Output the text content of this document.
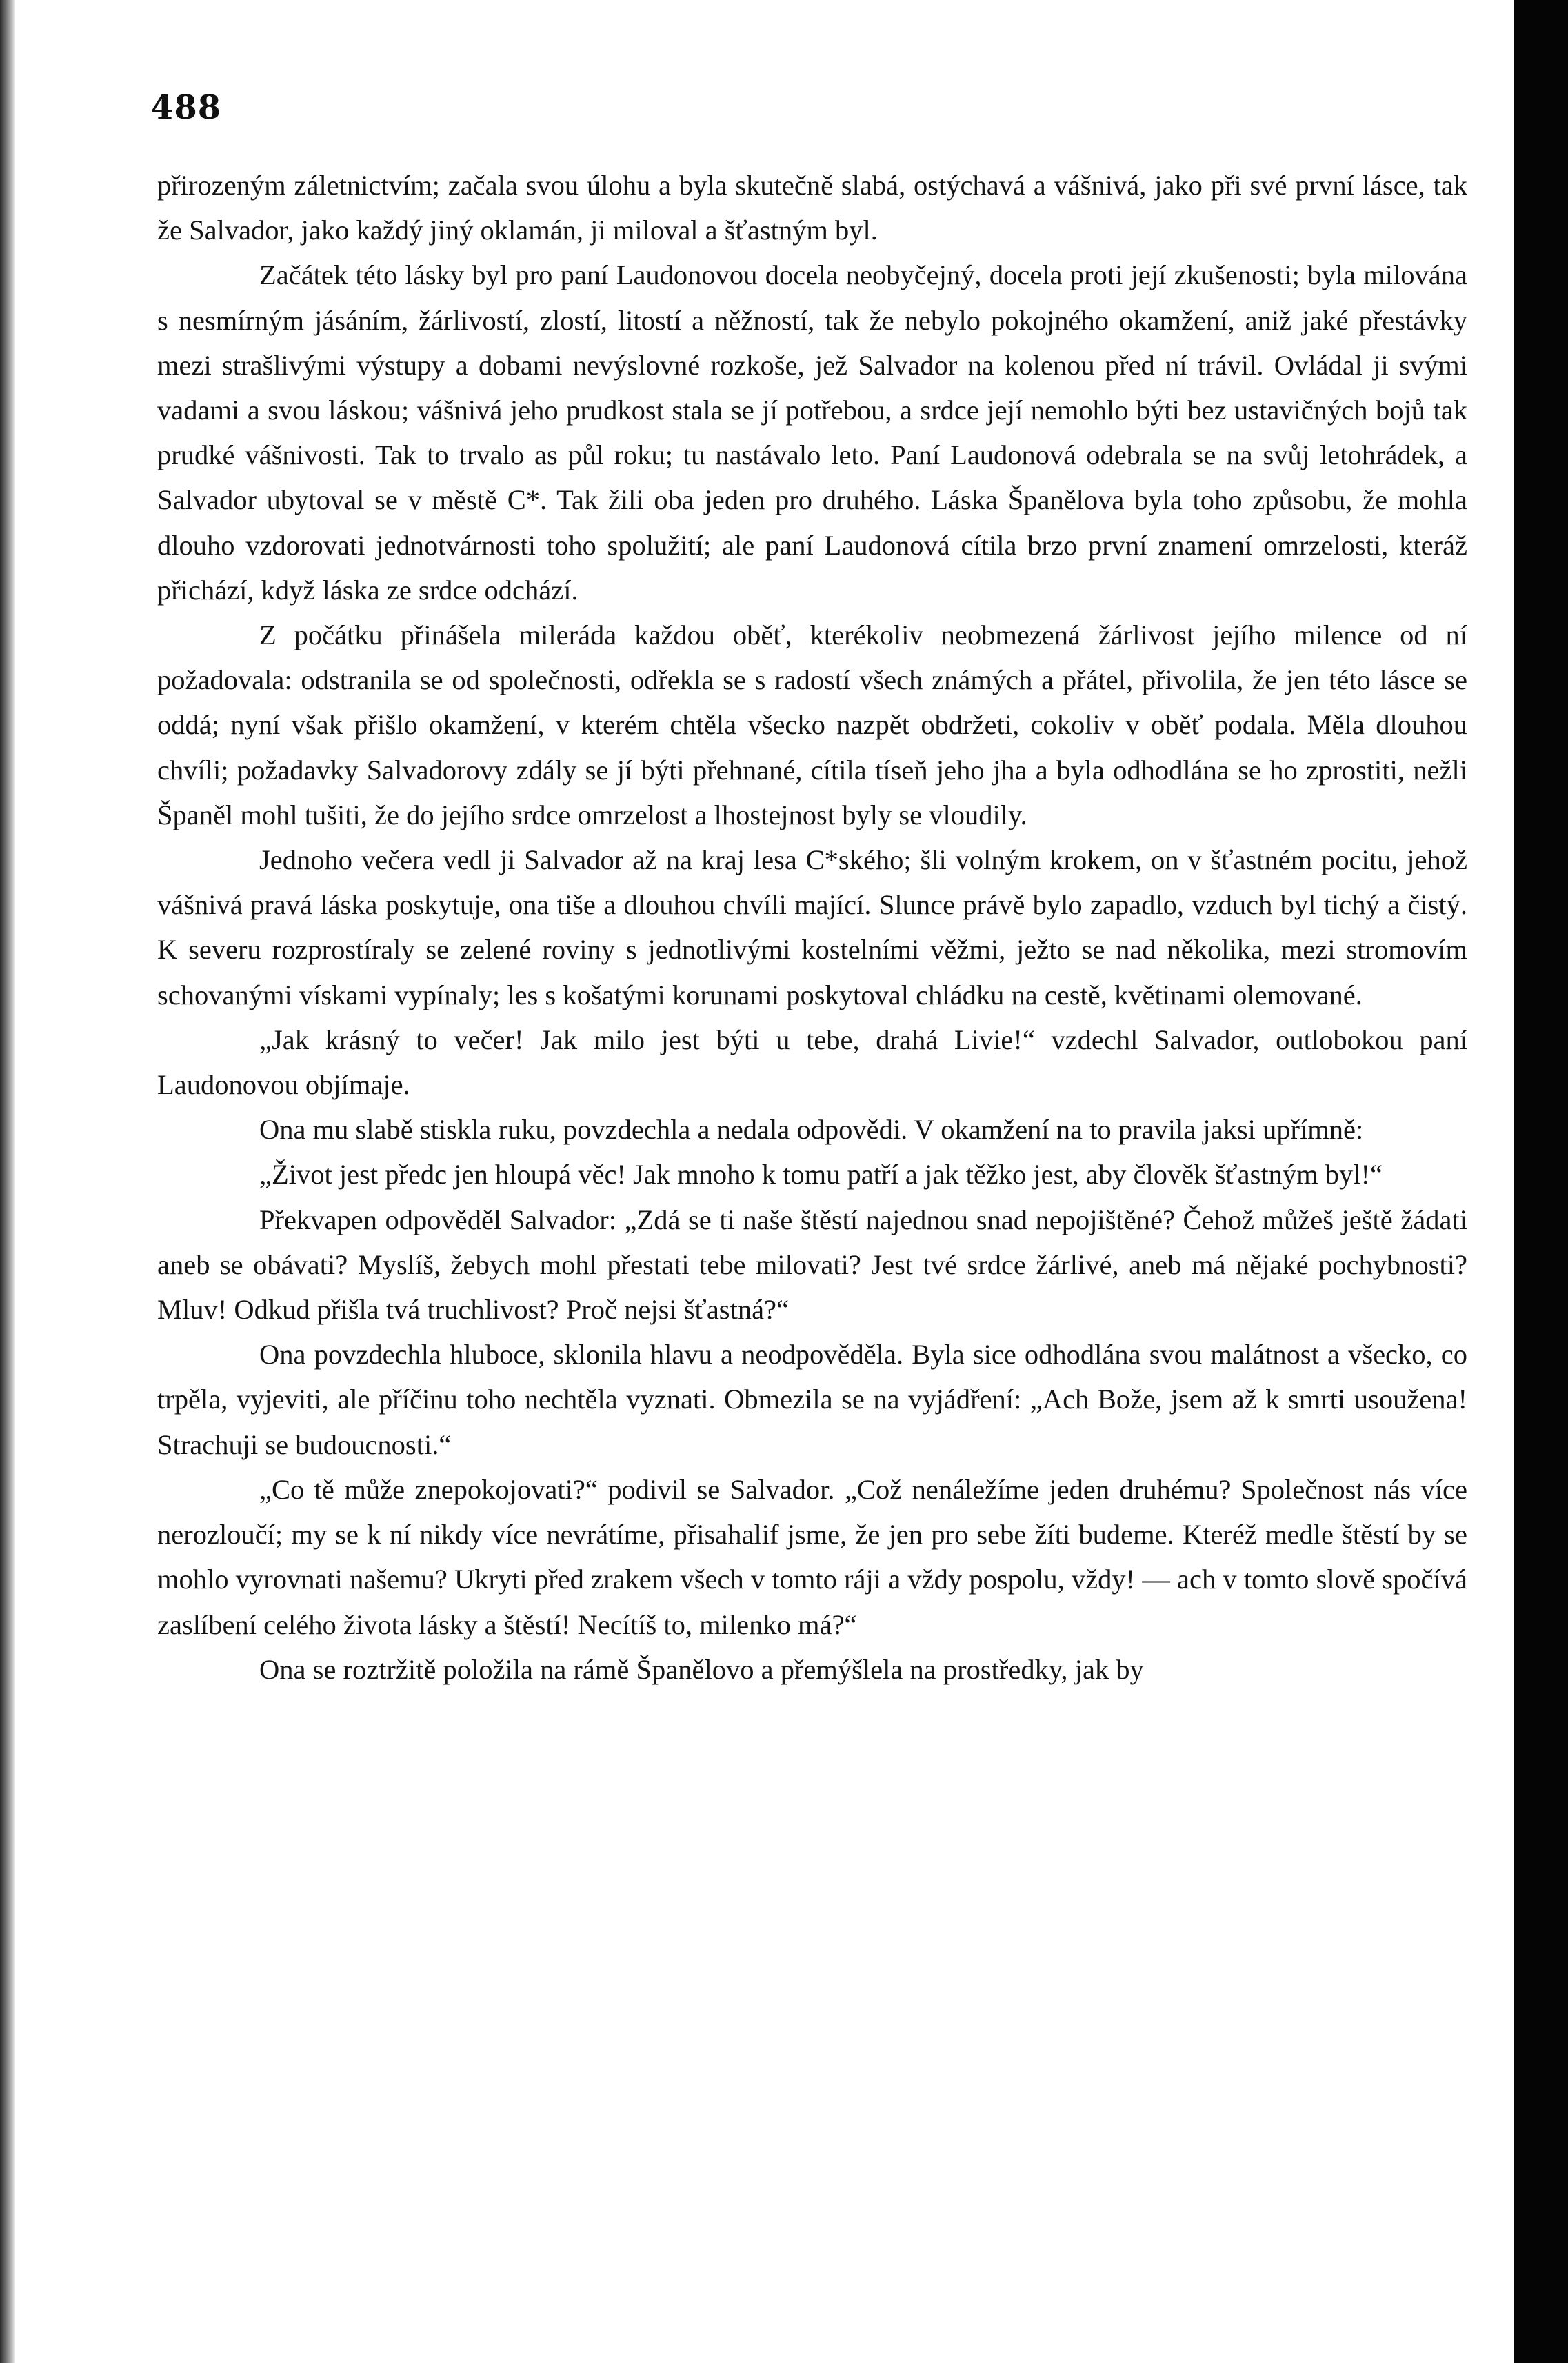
488

přirozeným záletnictvím; začala svou úlohu a byla skutečně slabá, ostýchavá a vášnivá, jako při své první lásce, tak že Salvador, jako každý jiný oklamán, ji miloval a šťastným byl.

Začátek této lásky byl pro paní Laudonovou docela neobyčejný, docela proti její zkušenosti; byla milována s nesmírným jásáním, žárlivostí, zlostí, litostí a něžností, tak že nebylo pokojného okamžení, aniž jaké přestávky mezi strašlivými výstupy a dobami nevýslovné rozkoše, jež Salvador na kolenou před ní trávil. Ovládal ji svými vadami a svou láskou; vášnivá jeho prudkost stala se jí potřebou, a srdce její nemohlo býti bez ustavičných bojů tak prudké vášnivosti. Tak to trvalo as půl roku; tu nastávalo leto. Paní Laudonová odebrala se na svůj letohrádek, a Salvador ubytoval se v městě C*. Tak žili oba jeden pro druhého. Láska Španělova byla toho způsobu, že mohla dlouho vzdorovati jednotvárnosti toho spolužití; ale paní Laudonová cítila brzo první znamení omrzelosti, kteráž přichází, když láska ze srdce odchází.

Z počátku přinášela mileráda každou oběť, kterékoliv neobmezená žárlivost jejího milence od ní požadovala: odstranila se od společnosti, odřekla se s radostí všech známých a přátel, přivolila, že jen této lásce se oddá; nyní však přišlo okamžení, v kterém chtěla všecko nazpět obdržeti, cokoliv v oběť podala. Měla dlouhou chvíli; požadavky Salvadorovy zdály se jí býti přehnané, cítila tíseň jeho jha a byla odhodlána se ho zprostiti, nežli Španěl mohl tušiti, že do jejího srdce omrzelost a lhostejnost byly se vloudily.

Jednoho večera vedl ji Salvador až na kraj lesa C*ského; šli volným krokem, on v šťastném pocitu, jehož vášnivá pravá láska poskytuje, ona tiše a dlouhou chvíli mající. Slunce právě bylo zapadlo, vzduch byl tichý a čistý. K severu rozprostíraly se zelené roviny s jednotlivými kostelními věžmi, ježto se nad několika, mezi stromovím schovanými vískami vypínaly; les s košatými korunami poskytoval chládku na cestě, květinami olemované.

„Jak krásný to večer! Jak milo jest býti u tebe, drahá Livie!“ vzdechl Salvador, outlobokou paní Laudonovou objímaje.

Ona mu slabě stiskla ruku, povzdechla a nedala odpovědi. V okamžení na to pravila jaksi upřímně:

„Život jest předc jen hloupá věc! Jak mnoho k tomu patří a jak těžko jest, aby člověk šťastným byl!“

Překvapen odpověděl Salvador: „Zdá se ti naše štěstí najednou snad nepojištěné? Čehož můžeš ještě žádati aneb se obávati? Myslíš, žebych mohl přestati tebe milovati? Jest tvé srdce žárlivé, aneb má nějaké pochybnosti? Mluv! Odkud přišla tvá truchlivost? Proč nejsi šťastná?“

Ona povzdechla hluboce, sklonila hlavu a neodpověděla. Byla sice odhodlána svou malátnost a všecko, co trpěla, vyjeviti, ale příčinu toho nechtěla vyznati. Obmezila se na vyjádření: „Ach Bože, jsem až k smrti usoužena! Strachuji se budoucnosti.“

„Co tě může znepokojovati?“ podivil se Salvador. „Což nenáležíme jeden druhému? Společnost nás více nerozloučí; my se k ní nikdy více nevrátíme, přisahalif jsme, že jen pro sebe žíti budeme. Kteréž medle štěstí by se mohlo vyrovnati našemu? Ukryti před zrakem všech v tomto ráji a vždy pospolu, vždy! — ach v tomto slově spočívá zaslíbení celého života lásky a štěstí! Necítíš to, milenko má?“

Ona se roztržitě položila na rámě Španělovo a přemýšlela na prostředky, jak by
